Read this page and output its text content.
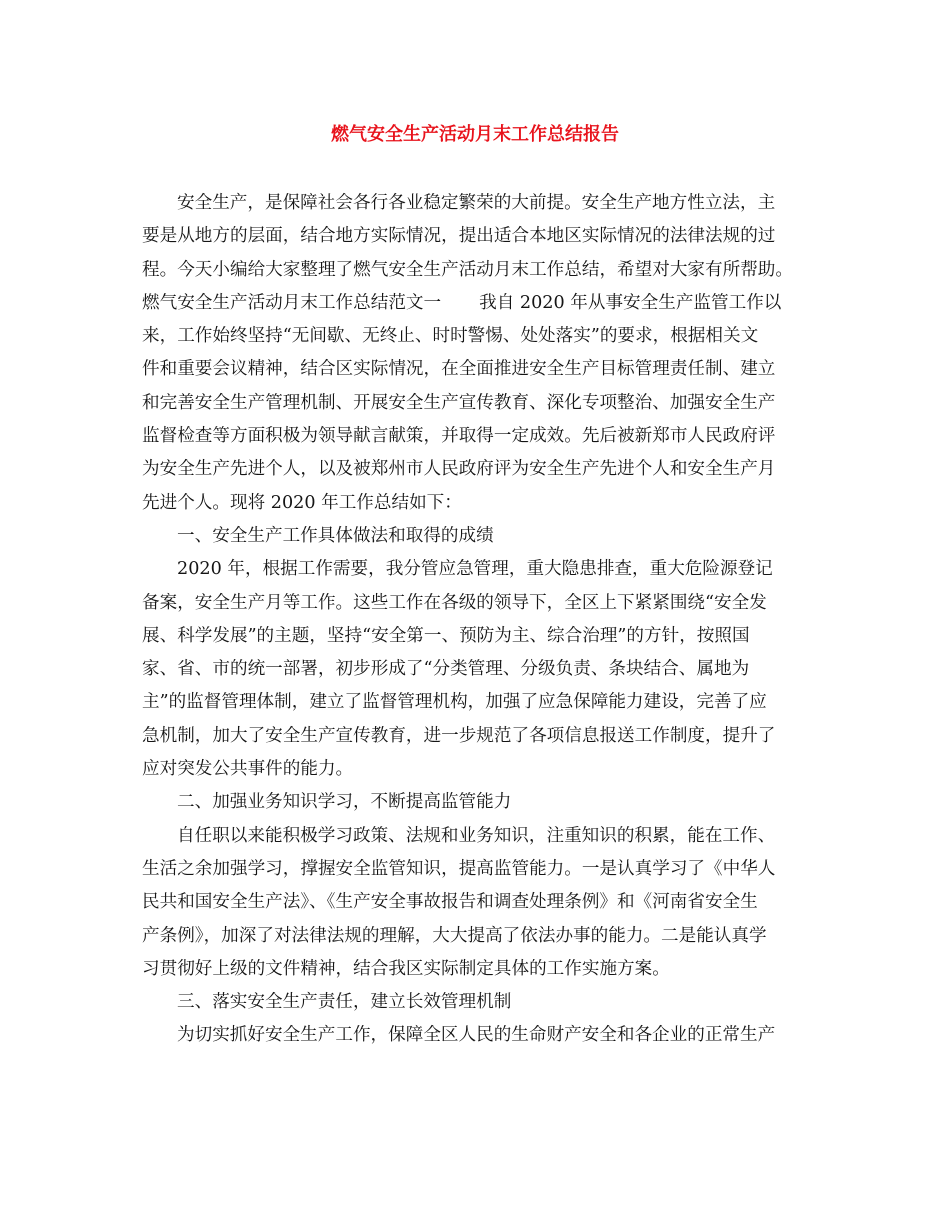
燃气安全生产活动月末工作总结报告

安全生产，是保障社会各行各业稳定繁荣的大前提。安全生产地方性立法，主

要是从地方的层面，结合地方实际情况，提出适合本地区实际情况的法律法规的过

程。今天小编给大家整理了燃气安全生产活动月末工作总结，希望对大家有所帮助。

燃气安全生产活动月末工作总结范文一 我自 2020 年从事安全生产监管工作以

来，工作始终坚持“无间歇、无终止、时时警惕、处处落实”的要求，根据相关文

件和重要会议精神，结合区实际情况，在全面推进安全生产目标管理责任制、建立

和完善安全生产管理机制、开展安全生产宣传教育、深化专项整治、加强安全生产

监督检查等方面积极为领导献言献策，并取得一定成效。先后被新郑市人民政府评

为安全生产先进个人，以及被郑州市人民政府评为安全生产先进个人和安全生产月

先进个人。现将 2020 年工作总结如下：

一、安全生产工作具体做法和取得的成绩

2020 年，根据工作需要，我分管应急管理，重大隐患排查，重大危险源登记

备案，安全生产月等工作。这些工作在各级的领导下，全区上下紧紧围绕“安全发

展、科学发展”的主题，坚持“安全第一、预防为主、综合治理”的方针，按照国

家、省、市的统一部署，初步形成了“分类管理、分级负责、条块结合、属地为

主”的监督管理体制，建立了监督管理机构，加强了应急保障能力建设，完善了应

急机制，加大了安全生产宣传教育，进一步规范了各项信息报送工作制度，提升了

应对突发公共事件的能力。

二、加强业务知识学习，不断提高监管能力

自任职以来能积极学习政策、法规和业务知识，注重知识的积累，能在工作、

生活之余加强学习，撑握安全监管知识，提高监管能力。一是认真学习了《中华人

民共和国安全生产法》、《生产安全事故报告和调查处理条例》和《河南省安全生

产条例》，加深了对法律法规的理解，大大提高了依法办事的能力。二是能认真学

习贯彻好上级的文件精神，结合我区实际制定具体的工作实施方案。

三、落实安全生产责任，建立长效管理机制

为切实抓好安全生产工作，保障全区人民的生命财产安全和各企业的正常生产
